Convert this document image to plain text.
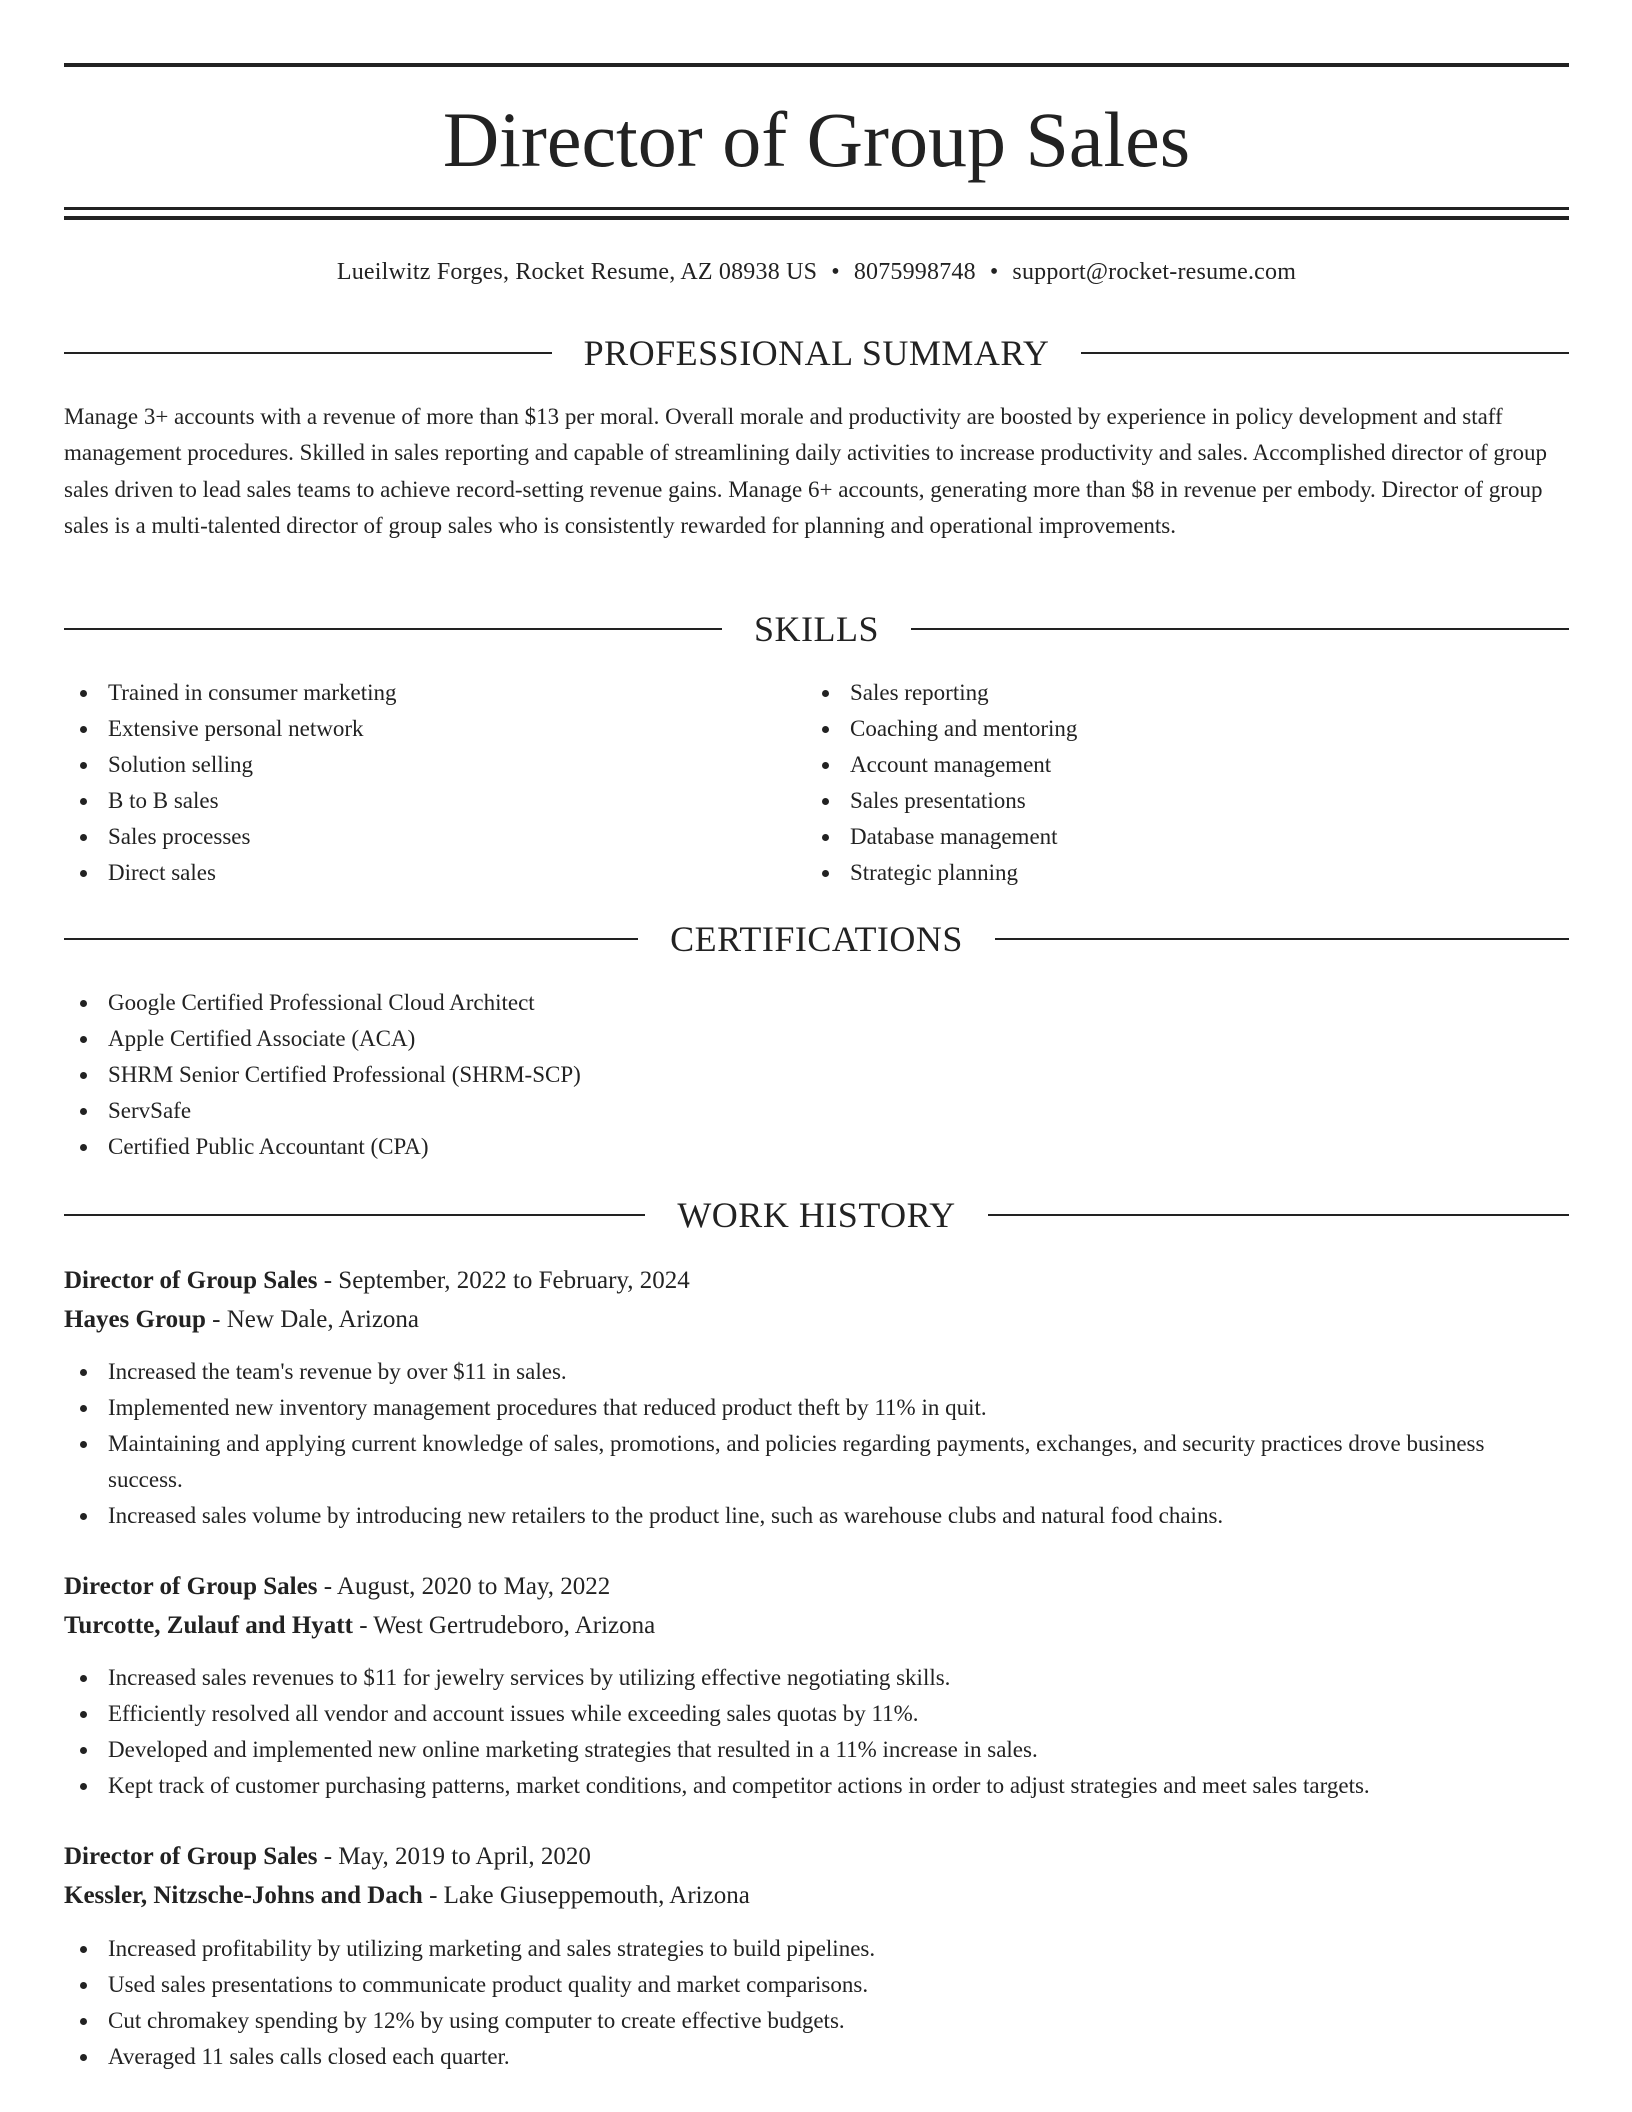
Director of Group Sales
Lueilwitz Forges, Rocket Resume, AZ 08938 US • 8075998748 • support@rocket-resume.com
PROFESSIONAL SUMMARY

Manage 3+ accounts with a revenue of more than $13 per moral. Overall morale and productivity are boosted by experience in policy development and staff management procedures. Skilled in sales reporting and capable of streamlining daily activities to increase productivity and sales. Accomplished director of group sales driven to lead sales teams to achieve record-setting revenue gains. Manage 6+ accounts, generating more than $8 in revenue per embody. Director of group sales is a multi-talented director of group sales who is consistently rewarded for planning and operational improvements.

SKILLS
Trained in consumer marketing
Extensive personal network
Solution selling
B to B sales
Sales processes
Direct sales
Sales reporting
Coaching and mentoring
Account management
Sales presentations
Database management
Strategic planning
CERTIFICATIONS
Google Certified Professional Cloud Architect
Apple Certified Associate (ACA)
SHRM Senior Certified Professional (SHRM-SCP)
ServSafe
Certified Public Accountant (CPA)
WORK HISTORY
Director of Group Sales - September, 2022 to February, 2024
Hayes Group - New Dale, Arizona
Increased the team's revenue by over $11 in sales.
Implemented new inventory management procedures that reduced product theft by 11% in quit.
Maintaining and applying current knowledge of sales, promotions, and policies regarding payments, exchanges, and security practices drove business success.
Increased sales volume by introducing new retailers to the product line, such as warehouse clubs and natural food chains.
Director of Group Sales - August, 2020 to May, 2022
Turcotte, Zulauf and Hyatt - West Gertrudeboro, Arizona
Increased sales revenues to $11 for jewelry services by utilizing effective negotiating skills.
Efficiently resolved all vendor and account issues while exceeding sales quotas by 11%.
Developed and implemented new online marketing strategies that resulted in a 11% increase in sales.
Kept track of customer purchasing patterns, market conditions, and competitor actions in order to adjust strategies and meet sales targets.
Director of Group Sales - May, 2019 to April, 2020
Kessler, Nitzsche-Johns and Dach - Lake Giuseppemouth, Arizona
Increased profitability by utilizing marketing and sales strategies to build pipelines.
Used sales presentations to communicate product quality and market comparisons.
Cut chromakey spending by 12% by using computer to create effective budgets.
Averaged 11 sales calls closed each quarter.
